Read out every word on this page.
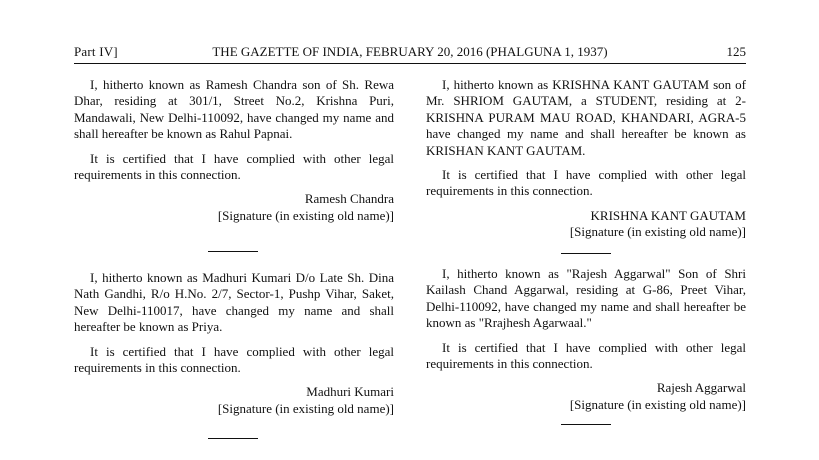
Part IV]	THE GAZETTE OF INDIA, FEBRUARY 20, 2016 (PHALGUNA 1, 1937)	125

I, hitherto known as Ramesh Chandra son of Sh. Rewa Dhar, residing at 301/1, Street No.2, Krishna Puri, Mandawali, New Delhi-110092, have changed my name and shall hereafter be known as Rahul Papnai.

It is certified that I have complied with other legal requirements in this connection.

Ramesh Chandra
[Signature (in existing old name)]

I, hitherto known as Madhuri Kumari D/o Late Sh. Dina Nath Gandhi, R/o H.No. 2/7, Sector-1, Pushp Vihar, Saket, New Delhi-110017, have changed my name and shall hereafter be known as Priya.

It is certified that I have complied with other legal requirements in this connection.

Madhuri Kumari
[Signature (in existing old name)]

I, hitherto known as KRISHNA KANT GAUTAM son of Mr. SHRIOM GAUTAM, a STUDENT, residing at 2-KRISHNA PURAM MAU ROAD, KHANDARI, AGRA-5 have changed my name and shall hereafter be known as KRISHAN KANT GAUTAM.

It is certified that I have complied with other legal requirements in this connection.

KRISHNA KANT GAUTAM
[Signature (in existing old name)]

I, hitherto known as "Rajesh Aggarwal" Son of Shri Kailash Chand Aggarwal, residing at G-86, Preet Vihar, Delhi-110092, have changed my name and shall hereafter be known as "Rrajhesh Agarwaal."

It is certified that I have complied with other legal requirements in this connection.

Rajesh Aggarwal
[Signature (in existing old name)]
